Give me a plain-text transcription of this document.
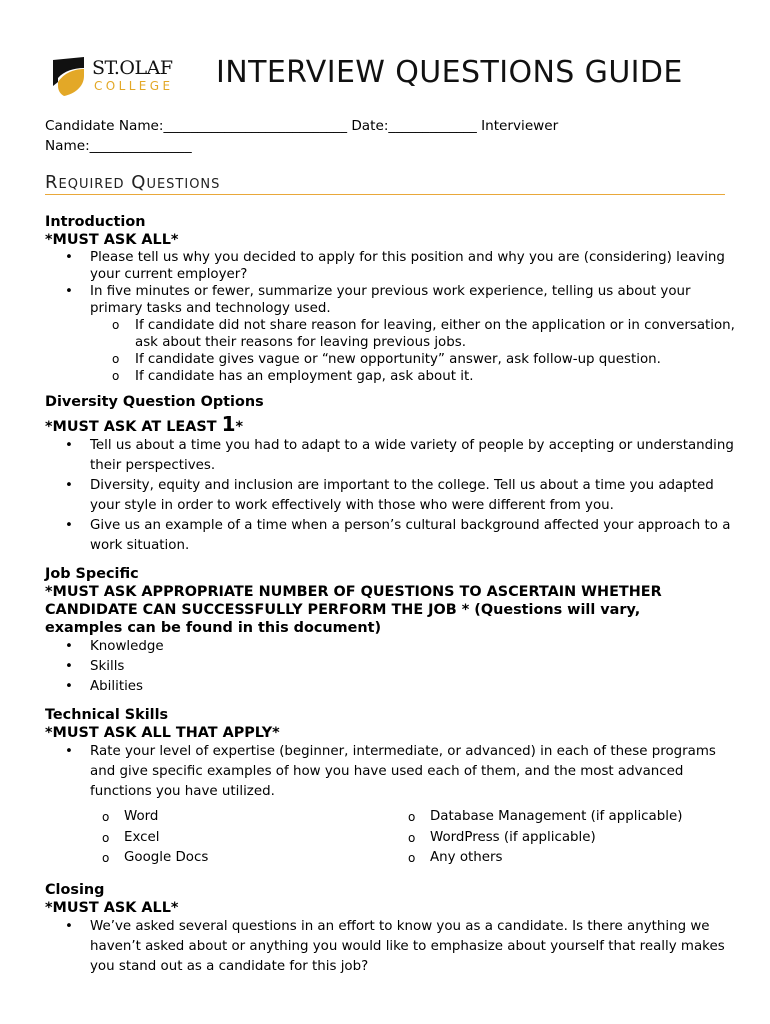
ST.OLAF
COLLEGE INTERVIEW QUESTIONS GUIDE
Candidate Name:___________________________ Date:_____________ Interviewer Name:_______________
Required Questions
Introduction
*MUST ASK ALL*
• Please tell us why you decided to apply for this position and why you are (considering) leaving your current employer?
• In five minutes or fewer, summarize your previous work experience, telling us about your primary tasks and technology used.
o If candidate did not share reason for leaving, either on the application or in conversation, ask about their reasons for leaving previous jobs.
o If candidate gives vague or “new opportunity” answer, ask follow-up question.
o If candidate has an employment gap, ask about it.
Diversity Question Options
*MUST ASK AT LEAST 1*
• Tell us about a time you had to adapt to a wide variety of people by accepting or understanding their perspectives.
• Diversity, equity and inclusion are important to the college. Tell us about a time you adapted your style in order to work effectively with those who were different from you.
• Give us an example of a time when a person’s cultural background affected your approach to a work situation.
Job Specific
*MUST ASK APPROPRIATE NUMBER OF QUESTIONS TO ASCERTAIN WHETHER CANDIDATE CAN SUCCESSFULLY PERFORM THE JOB * (Questions will vary, examples can be found in this document)
• Knowledge
• Skills
• Abilities
Technical Skills
*MUST ASK ALL THAT APPLY*
• Rate your level of expertise (beginner, intermediate, or advanced) in each of these programs and give specific examples of how you have used each of them, and the most advanced functions you have utilized.
o Word
o Excel
o Google Docs
o Database Management (if applicable)
o WordPress (if applicable)
o Any others
Closing
*MUST ASK ALL*
• We’ve asked several questions in an effort to know you as a candidate. Is there anything we haven’t asked about or anything you would like to emphasize about yourself that really makes you stand out as a candidate for this job?
